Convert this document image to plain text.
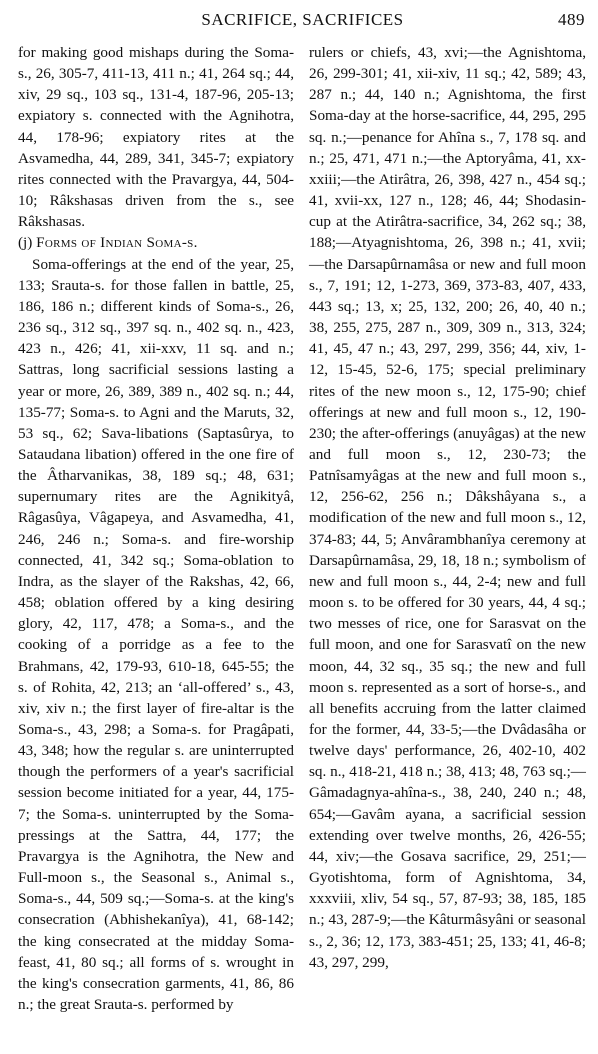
SACRIFICE, SACRIFICES	489

for making good mishaps during the Soma-s., 26, 305-7, 411-13, 411 n.; 41, 264 sq.; 44, xiv, 29 sq., 103 sq., 131-4, 187-96, 205-13; expiatory s. connected with the Agnihotra, 44, 178-96; expiatory rites at the Asvamedha, 44, 289, 341, 345-7; expiatory rites connected with the Pravargya, 44, 504-10; Râkshasas driven from the s., see Râkshasas.

(j) Forms of Indian Soma-s.

Soma-offerings at the end of the year, 25, 133; Srauta-s. for those fallen in battle, 25, 186, 186 n.; different kinds of Soma-s., 26, 236 sq., 312 sq., 397 sq. n., 402 sq. n., 423, 423 n., 426; 41, xii-xxv, 11 sq. and n.; Sattras, long sacrificial sessions lasting a year or more, 26, 389, 389 n., 402 sq. n.; 44, 135-77; Soma-s. to Agni and the Maruts, 32, 53 sq., 62; Sava-libations (Saptasûrya, to Sataudana libation) offered in the one fire of the Âtharvanikas, 38, 189 sq.; 48, 631; supernumary rites are the Agnikityâ, Râgasûya, Vâgapeya, and Asvamedha, 41, 246, 246 n.; Soma-s. and fire-worship connected, 41, 342 sq.; Soma-oblation to Indra, as the slayer of the Rakshas, 42, 66, 458; oblation offered by a king desiring glory, 42, 117, 478; a Soma-s., and the cooking of a porridge as a fee to the Brahmans, 42, 179-93, 610-18, 645-55; the s. of Rohita, 42, 213; an ‘all-offered’ s., 43, xiv, xiv n.; the first layer of fire-altar is the Soma-s., 43, 298; a Soma-s. for Pragâpati, 43, 348; how the regular s. are uninterrupted though the performers of a year's sacrificial session become initiated for a year, 44, 175-7; the Soma-s. uninterrupted by the Soma-pressings at the Sattra, 44, 177; the Pravargya is the Agnihotra, the New and Full-moon s., the Seasonal s., Animal s., Soma-s., 44, 509 sq.;—Soma-s. at the king's consecration (Abhishekanîya), 41, 68-142; the king consecrated at the midday Soma-feast, 41, 80 sq.; all forms of s. wrought in the king's consecration garments, 41, 86, 86 n.; the great Srauta-s. performed by

rulers or chiefs, 43, xvi;—the Agnishtoma, 26, 299-301; 41, xii-xiv, 11 sq.; 42, 589; 43, 287 n.; 44, 140 n.; Agnishtoma, the first Soma-day at the horse-sacrifice, 44, 295, 295 sq. n.;—penance for Ahîna s., 7, 178 sq. and n.; 25, 471, 471 n.;—the Aptoryâma, 41, xx-xxiii;—the Atirâtra, 26, 398, 427 n., 454 sq.; 41, xvii-xx, 127 n., 128; 46, 44; Shodasin-cup at the Atirâtra-sacrifice, 34, 262 sq.; 38, 188;—Atyagnishtoma, 26, 398 n.; 41, xvii;—the Darsapûrnamâsa or new and full moon s., 7, 191; 12, 1-273, 369, 373-83, 407, 433, 443 sq.; 13, x; 25, 132, 200; 26, 40, 40 n.; 38, 255, 275, 287 n., 309, 309 n., 313, 324; 41, 45, 47 n.; 43, 297, 299, 356; 44, xiv, 1-12, 15-45, 52-6, 175; special preliminary rites of the new moon s., 12, 175-90; chief offerings at new and full moon s., 12, 190-230; the after-offerings (anuyâgas) at the new and full moon s., 12, 230-73; the Patnîsamyâgas at the new and full moon s., 12, 256-62, 256 n.; Dâkshâyana s., a modification of the new and full moon s., 12, 374-83; 44, 5; Anvârambhanîya ceremony at Darsapûrnamâsa, 29, 18, 18 n.; symbolism of new and full moon s., 44, 2-4; new and full moon s. to be offered for 30 years, 44, 4 sq.; two messes of rice, one for Sarasvat on the full moon, and one for Sarasvatî on the new moon, 44, 32 sq., 35 sq.; the new and full moon s. represented as a sort of horse-s., and all benefits accruing from the latter claimed for the former, 44, 33-5;—the Dvâdasâha or twelve days' performance, 26, 402-10, 402 sq. n., 418-21, 418 n.; 38, 413; 48, 763 sq.;—Gâmadagnya-ahîna-s., 38, 240, 240 n.; 48, 654;—Gavâm ayana, a sacrificial session extending over twelve months, 26, 426-55; 44, xiv;—the Gosava sacrifice, 29, 251;—Gyotishtoma, form of Agnishtoma, 34, xxxviii, xliv, 54 sq., 57, 87-93; 38, 185, 185 n.; 43, 287-9;—the Kâturmâsyâni or seasonal s., 2, 36; 12, 173, 383-451; 25, 133; 41, 46-8; 43, 297, 299,
